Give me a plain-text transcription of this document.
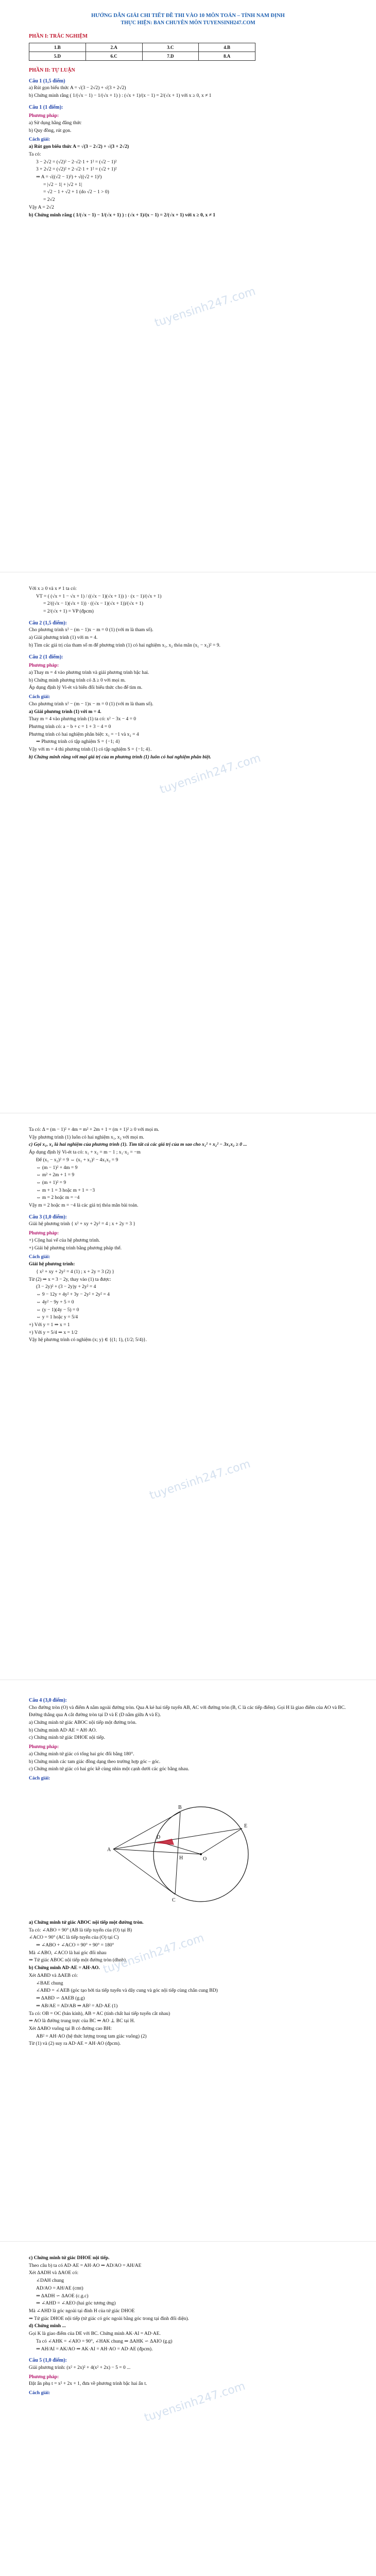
HƯỚNG DẪN GIẢI CHI TIẾT ĐỀ THI VÀO 10 MÔN TOÁN – TỈNH NAM ĐỊNH
THỰC HIỆN: BAN CHUYÊN MÔN TUYENSINH247.COM
PHẦN I: TRẮC NGHIỆM
1.B	2.A	3.C	4.B
5.D	6.C	7.D	8.A
PHẦN II: TỰ LUẬN
Câu 1 (1,5 điểm)
a) Rút gọn biểu thức A = √(3 − 2√2) + √(3 + 2√2)
b) Chứng minh rằng ( 1/(√x − 1) − 1/(√x + 1) ) : (√x + 1)/(x − 1) = 2/(√x + 1) với x ≥ 0, x ≠ 1
Câu 1 (1 điểm):
Phương pháp:
a) Sử dụng hằng đẳng thức
b) Quy đồng, rút gọn.
Cách giải:
a) Rút gọn biểu thức A = √(3 − 2√2) + √(3 + 2√2)
Ta có:
3 − 2√2 = (√2)² − 2·√2·1 + 1² = (√2 − 1)²
3 + 2√2 = (√2)² + 2·√2·1 + 1² = (√2 + 1)²
⇒ A = √((√2 − 1)²) + √((√2 + 1)²)
= |√2 − 1| + |√2 + 1|
= √2 − 1 + √2 + 1 (do √2 − 1 > 0)
= 2√2
Vậy A = 2√2
b) Chứng minh rằng ( 1/(√x − 1) − 1/(√x + 1) ) : (√x + 1)/(x − 1) = 2/(√x + 1) với x ≥ 0, x ≠ 1
tuyensinh247.com
Với x ≥ 0 và x ≠ 1 ta có:
VT = ( (√x + 1 − √x + 1) / ((√x − 1)(√x + 1)) ) · (x − 1)/(√x + 1)
= 2/((√x − 1)(√x + 1)) · ((√x − 1)(√x + 1))/(√x + 1)
= 2/(√x + 1) = VP (đpcm)
Câu 2 (1,5 điểm):
Cho phương trình x² − (m − 1)x − m = 0 (1) (với m là tham số).
a) Giải phương trình (1) với m = 4.
b) Tìm các giá trị của tham số m để phương trình (1) có hai nghiệm x₁, x₂ thỏa mãn (x₁ − x₂)² = 9.
Câu 2 (1 điểm):
Phương pháp:
a) Thay m = 4 vào phương trình và giải phương trình bậc hai.
b) Chứng minh phương trình có Δ ≥ 0 với mọi m.
Áp dụng định lý Vi-ét và biến đổi biểu thức cho để tìm m.
Cách giải:
Cho phương trình x² − (m − 1)x − m = 0 (1) (với m là tham số).
a) Giải phương trình (1) với m = 4.
Thay m = 4 vào phương trình (1) ta có: x² − 3x − 4 = 0
Phương trình có: a − b + c = 1 + 3 − 4 = 0
Phương trình có hai nghiệm phân biệt: x₁ = −1 và x₂ = 4
⇒ Phương trình có tập nghiệm S = {−1; 4}
Vậy với m = 4 thì phương trình (1) có tập nghiệm S = {−1; 4}.
b) Chứng minh rằng với mọi giá trị của m phương trình (1) luôn có hai nghiệm phân biệt.
tuyensinh247.com
Ta có: Δ = (m − 1)² + 4m = m² + 2m + 1 = (m + 1)² ≥ 0 với mọi m.
Vậy phương trình (1) luôn có hai nghiệm x₁, x₂ với mọi m.
c) Gọi x₁, x₂ là hai nghiệm của phương trình (1). Tìm tất cả các giá trị của m sao cho x₁² + x₂² − 3x₁x₂ ≥ 0 ...
Áp dụng định lý Vi-ét ta có: x₁ + x₂ = m − 1 ; x₁·x₂ = −m
Để (x₁ − x₂)² = 9 ⇔ (x₁ + x₂)² − 4x₁x₂ = 9
⇔ (m − 1)² + 4m = 9
⇔ m² + 2m + 1 = 9
⇔ (m + 1)² = 9
⇔ m + 1 = 3 hoặc m + 1 = −3
⇔ m = 2 hoặc m = −4
Vậy m = 2 hoặc m = −4 là các giá trị thỏa mãn bài toán.
Câu 3 (1,0 điểm):
Giải hệ phương trình { x² + xy + 2y² = 4 ; x + 2y = 3 }
Phương pháp:
+) Cộng hai vế của hệ phương trình.
+) Giải hệ phương trình bằng phương pháp thế.
Cách giải:
Giải hệ phương trình:
{ x² + xy + 2y² = 4 (1) ; x + 2y = 3 (2) }
Từ (2) ⇒ x = 3 − 2y, thay vào (1) ta được:
(3 − 2y)² + (3 − 2y)y + 2y² = 4
⇔ 9 − 12y + 4y² + 3y − 2y² + 2y² = 4
⇔ 4y² − 9y + 5 = 0
⇔ (y − 1)(4y − 5) = 0
⇔ y = 1 hoặc y = 5/4
+) Với y = 1 ⇒ x = 1
+) Với y = 5/4 ⇒ x = 1/2
Vậy hệ phương trình có nghiệm (x; y) ∈ {(1; 1), (1/2; 5/4)}.
tuyensinh247.com
Câu 4 (3,0 điểm):
Cho đường tròn (O) và điểm A nằm ngoài đường tròn. Qua A kẻ hai tiếp tuyến AB, AC với đường tròn (B, C là các tiếp điểm). Gọi H là giao điểm của AO và BC. Đường thẳng qua A cắt đường tròn tại D và E (D nằm giữa A và E).
a) Chứng minh tứ giác ABOC nội tiếp một đường tròn.
b) Chứng minh AD·AE = AH·AO.
c) Chứng minh tứ giác DHOE nội tiếp.
Phương pháp:
a) Chứng minh tứ giác có tổng hai góc đối bằng 180°.
b) Chứng minh các tam giác đồng dạng theo trường hợp góc – góc.
c) Chứng minh tứ giác có hai góc kề cùng nhìn một cạnh dưới các góc bằng nhau.
Cách giải:
O
A
B
C
D
E
H
a) Chứng minh tứ giác ABOC nội tiếp một đường tròn.
Ta có: ∠ABO = 90° (AB là tiếp tuyến của (O) tại B)
∠ACO = 90° (AC là tiếp tuyến của (O) tại C)
⇒ ∠ABO + ∠ACO = 90° + 90° = 180°
Mà ∠ABO, ∠ACO là hai góc đối nhau
⇒ Tứ giác ABOC nội tiếp một đường tròn (dhnb).
b) Chứng minh AD·AE = AH·AO.
Xét ΔABD và ΔAEB có:
∠BAE chung
∠ABD = ∠AEB (góc tạo bởi tia tiếp tuyến và dây cung và góc nội tiếp cùng chắn cung BD)
⇒ ΔABD ∽ ΔAEB (g.g)
⇒ AB/AE = AD/AB ⇒ AB² = AD·AE (1)
Ta có: OB = OC (bán kính), AB = AC (tính chất hai tiếp tuyến cắt nhau)
⇒ AO là đường trung trực của BC ⇒ AO ⊥ BC tại H.
Xét ΔABO vuông tại B có đường cao BH:
AB² = AH·AO (hệ thức lượng trong tam giác vuông) (2)
Từ (1) và (2) suy ra AD·AE = AH·AO (đpcm).
tuyensinh247.com
c) Chứng minh tứ giác DHOE nội tiếp.
Theo câu b) ta có AD·AE = AH·AO ⇒ AD/AO = AH/AE
Xét ΔADH và ΔAOE có:
∠DAH chung
AD/AO = AH/AE (cmt)
⇒ ΔADH ∽ ΔAOE (c.g.c)
⇒ ∠AHD = ∠AEO (hai góc tương ứng)
Mà ∠AHD là góc ngoài tại đỉnh H của tứ giác DHOE
⇒ Tứ giác DHOE nội tiếp (tứ giác có góc ngoài bằng góc trong tại đỉnh đối diện).
d) Chứng minh ...
Gọi K là giao điểm của DE với BC. Chứng minh AK·AI = AD·AE.
Ta có ∠AHK = ∠AIO = 90°, ∠HAK chung ⇒ ΔAHK ∽ ΔAIO (g.g)
⇒ AH/AI = AK/AO ⇒ AK·AI = AH·AO = AD·AE (đpcm).
Câu 5 (1,0 điểm):
Giải phương trình: (x² + 2x)² + 4(x² + 2x) − 5 = 0 ...
Phương pháp:
Đặt ẩn phụ t = x² + 2x + 1, đưa về phương trình bậc hai ẩn t.
Cách giải:	tuyensinh247.com
